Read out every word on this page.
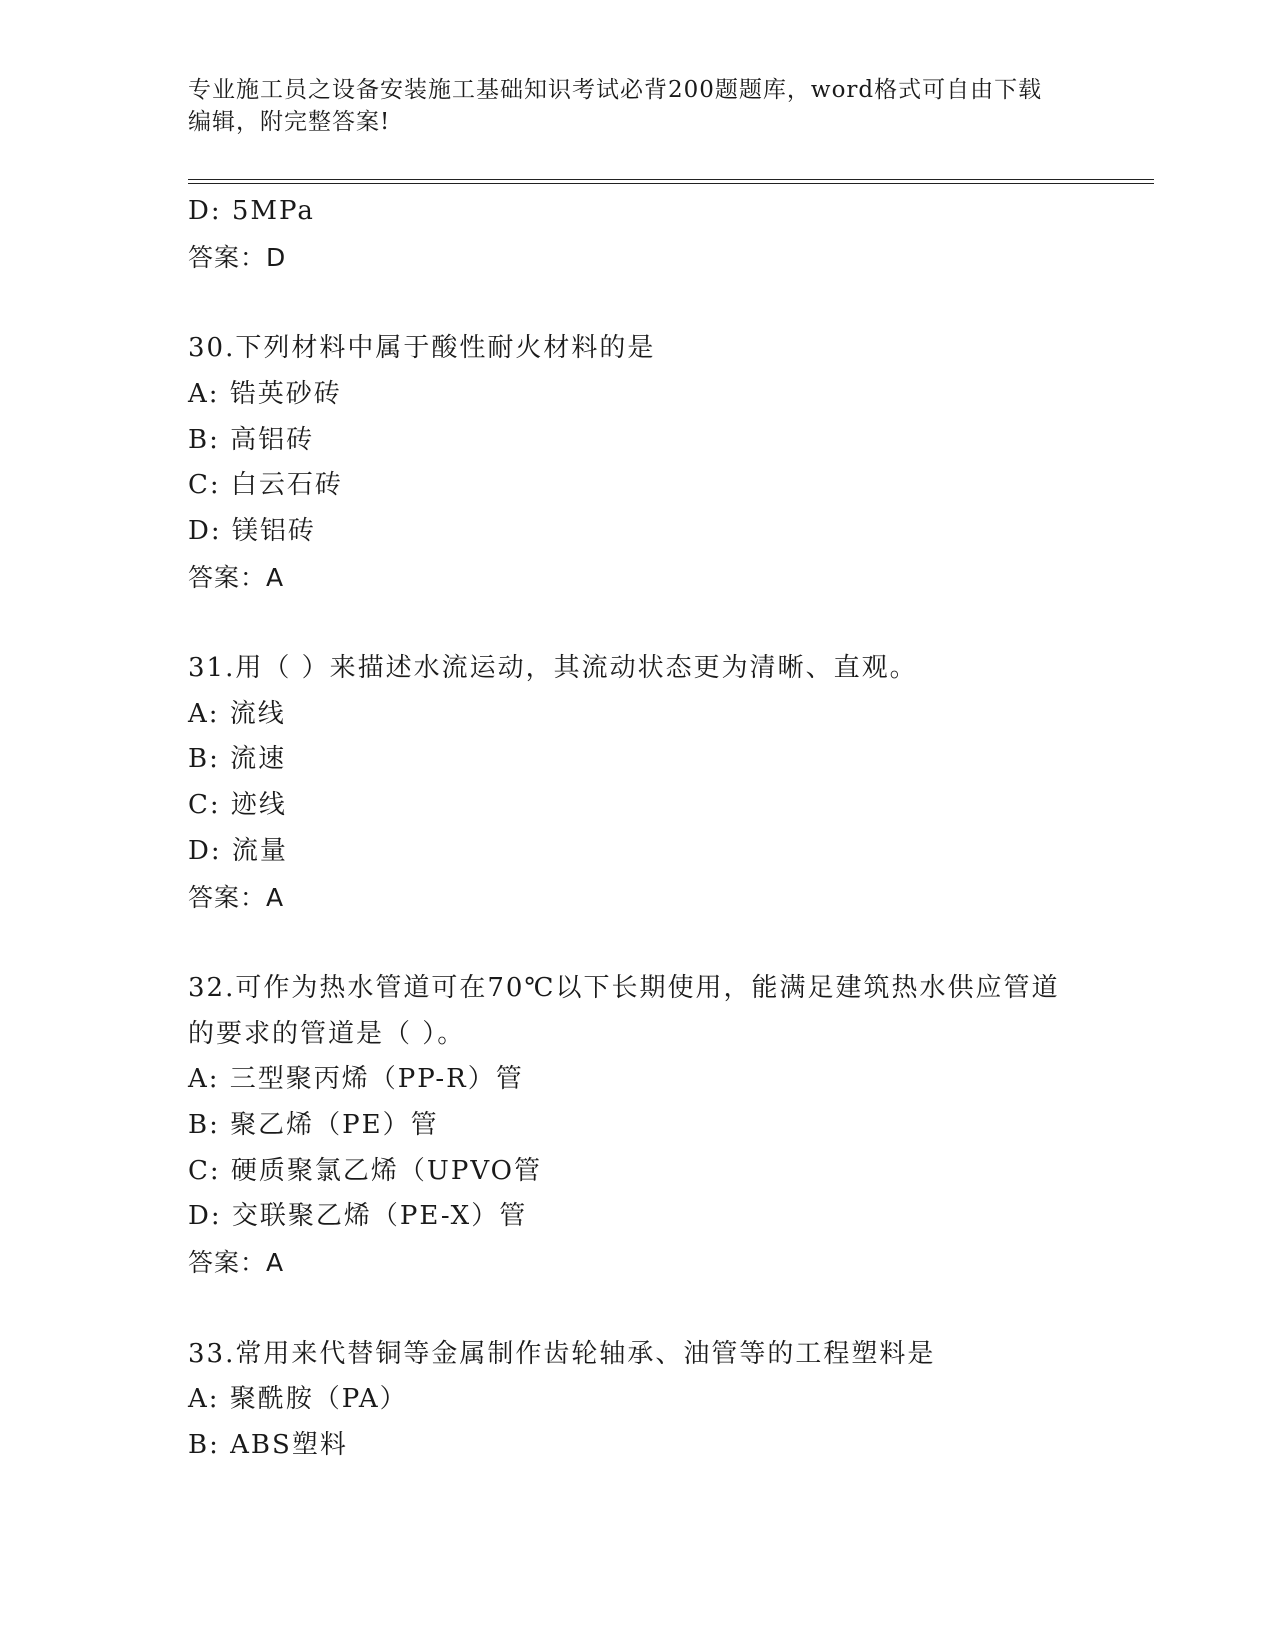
专业施工员之设备安装施工基础知识考试必背200题题库，word格式可自由下载
编辑，附完整答案!
D: 5MPa
答案：D
30.下列材料中属于酸性耐火材料的是
A: 锆英砂砖
B: 高铝砖
C: 白云石砖
D: 镁铝砖
答案：A
31.用（ ）来描述水流运动，其流动状态更为清晰、直观。
A: 流线
B: 流速
C: 迹线
D: 流量
答案：A
32.可作为热水管道可在70℃以下长期使用，能满足建筑热水供应管道
的要求的管道是（ ）。
A: 三型聚丙烯（PP-R）管
B: 聚乙烯（PE）管
C: 硬质聚氯乙烯（UPVO管
D: 交联聚乙烯（PE-X）管
答案：A
33.常用来代替铜等金属制作齿轮轴承、油管等的工程塑料是
A: 聚酰胺（PA）
B: ABS塑料
